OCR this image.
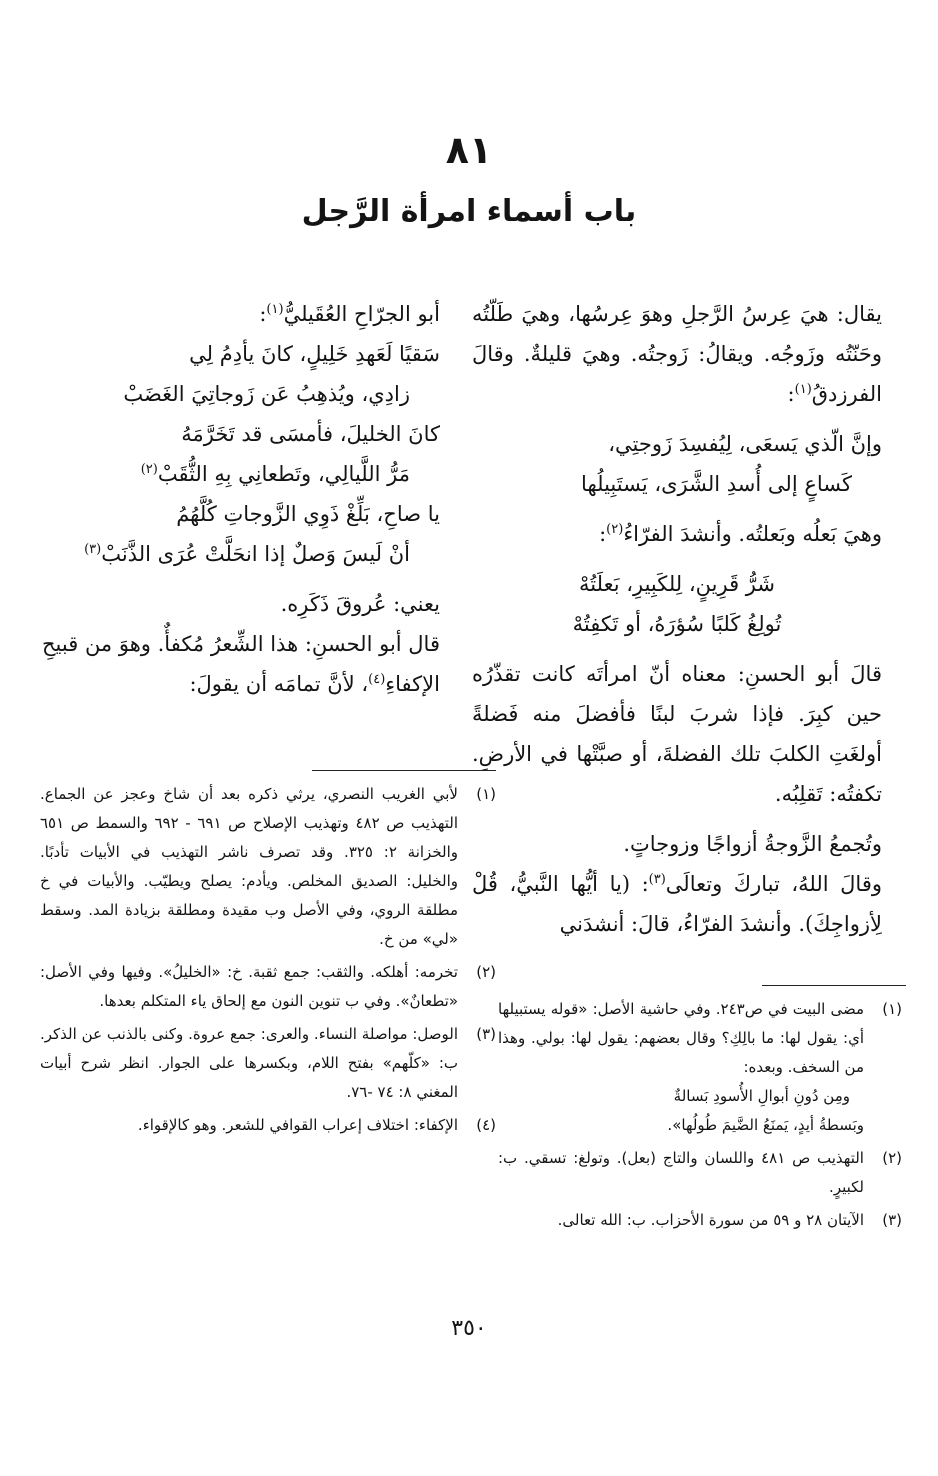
٨١
باب أسماء امرأة الرَّجل

يقال: هيَ عِرسُ الرَّجلِ وهوَ عِرسُها، وهيَ طَلّتُه وحَنّتُه وزَوجُه. ويقالُ: زَوجتُه. وهيَ قليلةٌ. وقالَ الفرزدقُ$^{(١)}$:

وإنَّ الّذي يَسعَى، لِيُفسِدَ زَوجتِي،

كَساعٍ إلى أُسدِ الشَّرَى، يَستَبِيلُها

وهيَ بَعلُه وبَعلتُه. وأنشدَ الفرّاءُ$^{(٢)}$:

شَرُّ قَرِينٍ، لِلكَبِيرِ، بَعلَتُهْ

تُولِغُ كَلبًا سُؤرَهُ، أو تَكفِتُهْ

قالَ أبو الحسنِ: معناه أنّ امرأتَه كانت تقذّرُه حين كبِرَ. فإذا شربَ لبنًا فأفضلَ منه فَضلةً أولغَتِ الكلبَ تلك الفضلةَ، أو صبَّتْها في الأرضِ. تكفتُه: تَقلِبُه.

وتُجمعُ الزَّوجةُ أزواجًا وزوجاتٍ.

وقالَ اللهُ، تباركَ وتعالَى$^{(٣)}$: (يا أيُّها النَّبيُّ، قُلْ لِأزواجِكَ). وأنشدَ الفرّاءُ، قالَ: أنشدَني

أبو الجرّاحِ العُقَيليُّ$^{(١)}$:

سَقيًا لَعَهدِ خَلِيلٍ، كانَ يأدِمُ لِي

زادِي، ويُذهِبُ عَن زَوجاتِيَ الغَضَبْ

كانَ الخليلَ، فأمسَى قد تَخَرَّمَهُ

مَرُّ اللَّيالِي، وتَطعانِي بِهِ الثُّقَبْ$^{(٢)}$

يا صاحِ، بَلِّغْ ذَوِي الزَّوجاتِ كُلَّهُمُ

أنْ لَيسَ وَصلٌ إذا انحَلَّتْ عُرَى الذَّنَبْ$^{(٣)}$

يعني: عُروقَ ذَكَرِه.

قال أبو الحسنِ: هذا الشِّعرُ مُكفأٌ. وهوَ من قبيحِ الإكفاءِ$^{(٤)}$، لأنَّ تمامَه أن يقولَ:

(١)
لأبي الغريب النصري، يرثي ذكره بعد أن شاخ وعجز عن الجماع. التهذيب ص ٤٨٢ وتهذيب الإصلاح ص ٦٩١ - ٦٩٢ والسمط ص ٦٥١ والخزانة ٢: ٣٢٥. وقد تصرف ناشر التهذيب في الأبيات تأدبًا. والخليل: الصديق المخلص. ويأدم: يصلح ويطيّب. والأبيات في خ مطلقة الروي، وفي الأصل وب مقيدة ومطلقة بزيادة المد. وسقط «لي» من خ.
(٢)
تخرمه: أهلكه. والثقب: جمع ثقبة. خ: «الخليلُ». وفيها وفي الأصل: «تطعانٌ». وفي ب تنوين النون مع إلحاق ياء المتكلم بعدها.
(٣)
الوصل: مواصلة النساء. والعرى: جمع عروة. وكنى بالذنب عن الذكر. ب: «كلّهم» بفتح اللام، وبكسرها على الجوار. انظر شرح أبيات المغني ٨: ٧٤ -٧٦.
(٤)
الإكفاء: اختلاف إعراب القوافي للشعر. وهو كالإقواء.
(١)

مضى البيت في ص٢٤٣. وفي حاشية الأصل: «قوله يستبيلها أي: يقول لها: ما بالِكِ؟ وقال بعضهم: يقول لها: بولي. وهذا من السخف. وبعده:

ومِن دُونِ أبوالِ الأُسودِ بَسالةٌ

وبَسطةُ أيدٍ، يَمنَعُ الضَّيمَ طُولُها».

(٢)
التهذيب ص ٤٨١ واللسان والتاج (بعل). وتولغ: تسقي. ب: لكبيرٍ.
(٣)
الآيتان ٢٨ و ٥٩ من سورة الأحزاب. ب: الله تعالى.
٣٥٠
